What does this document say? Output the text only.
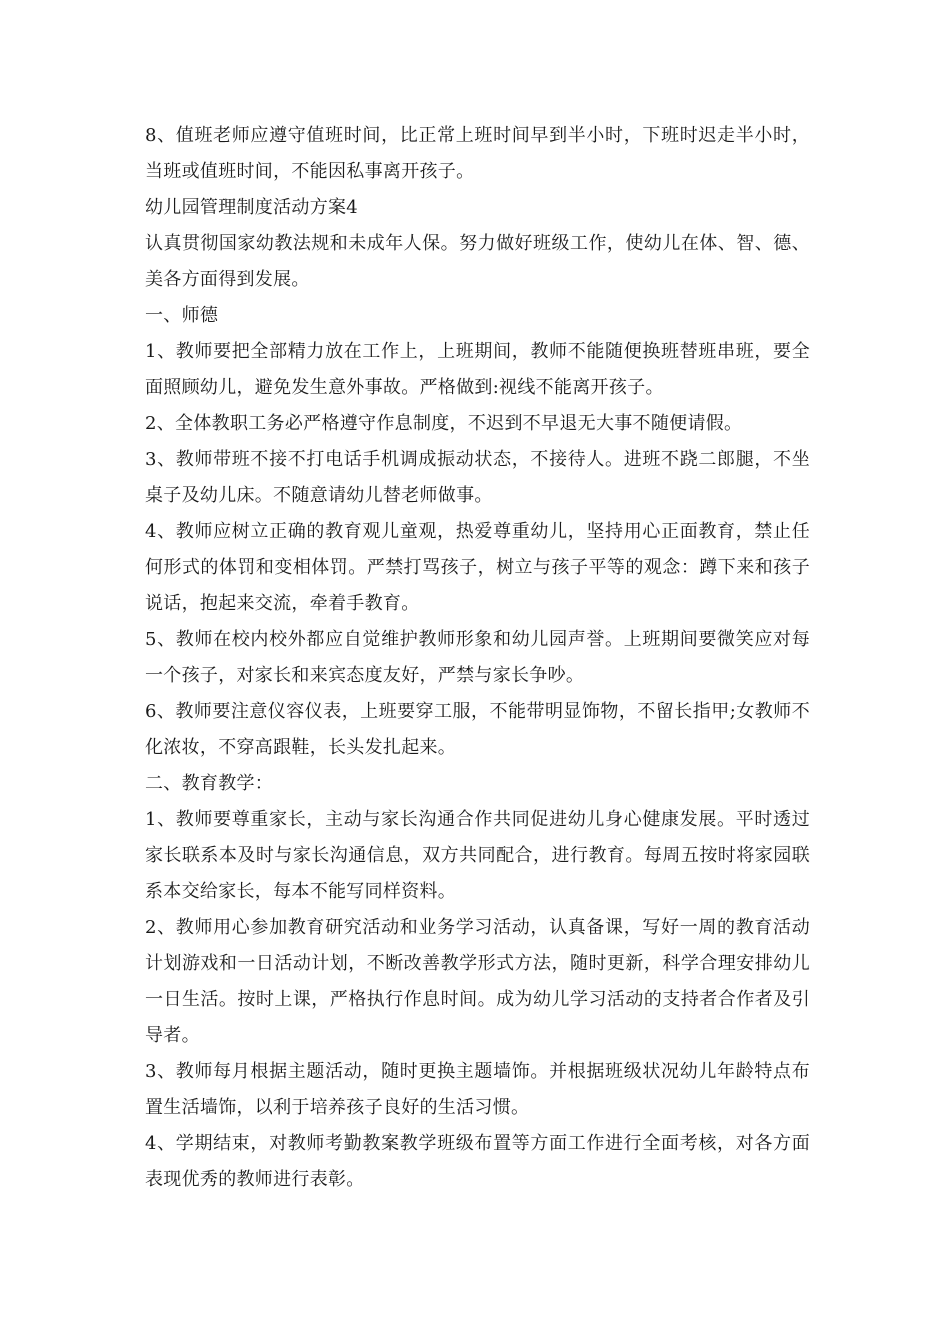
8、值班老师应遵守值班时间，比正常上班时间早到半小时，下班时迟走半小时，当班或值班时间，不能因私事离开孩子。

幼儿园管理制度活动方案4

认真贯彻国家幼教法规和未成年人保。努力做好班级工作，使幼儿在体、智、德、美各方面得到发展。

一、师德

1、教师要把全部精力放在工作上，上班期间，教师不能随便换班替班串班，要全面照顾幼儿，避免发生意外事故。严格做到:视线不能离开孩子。

2、全体教职工务必严格遵守作息制度，不迟到不早退无大事不随便请假。

3、教师带班不接不打电话手机调成振动状态，不接待人。进班不跷二郎腿，不坐桌子及幼儿床。不随意请幼儿替老师做事。

4、教师应树立正确的教育观儿童观，热爱尊重幼儿，坚持用心正面教育，禁止任何形式的体罚和变相体罚。严禁打骂孩子，树立与孩子平等的观念：蹲下来和孩子说话，抱起来交流，牵着手教育。

5、教师在校内校外都应自觉维护教师形象和幼儿园声誉。上班期间要微笑应对每一个孩子，对家长和来宾态度友好，严禁与家长争吵。

6、教师要注意仪容仪表，上班要穿工服，不能带明显饰物，不留长指甲;女教师不化浓妆，不穿高跟鞋，长头发扎起来。

二、教育教学：

1、教师要尊重家长，主动与家长沟通合作共同促进幼儿身心健康发展。平时透过家长联系本及时与家长沟通信息，双方共同配合，进行教育。每周五按时将家园联系本交给家长，每本不能写同样资料。

2、教师用心参加教育研究活动和业务学习活动，认真备课，写好一周的教育活动计划游戏和一日活动计划，不断改善教学形式方法，随时更新，科学合理安排幼儿一日生活。按时上课，严格执行作息时间。成为幼儿学习活动的支持者合作者及引导者。

3、教师每月根据主题活动，随时更换主题墙饰。并根据班级状况幼儿年龄特点布置生活墙饰，以利于培养孩子良好的生活习惯。

4、学期结束，对教师考勤教案教学班级布置等方面工作进行全面考核，对各方面表现优秀的教师进行表彰。
